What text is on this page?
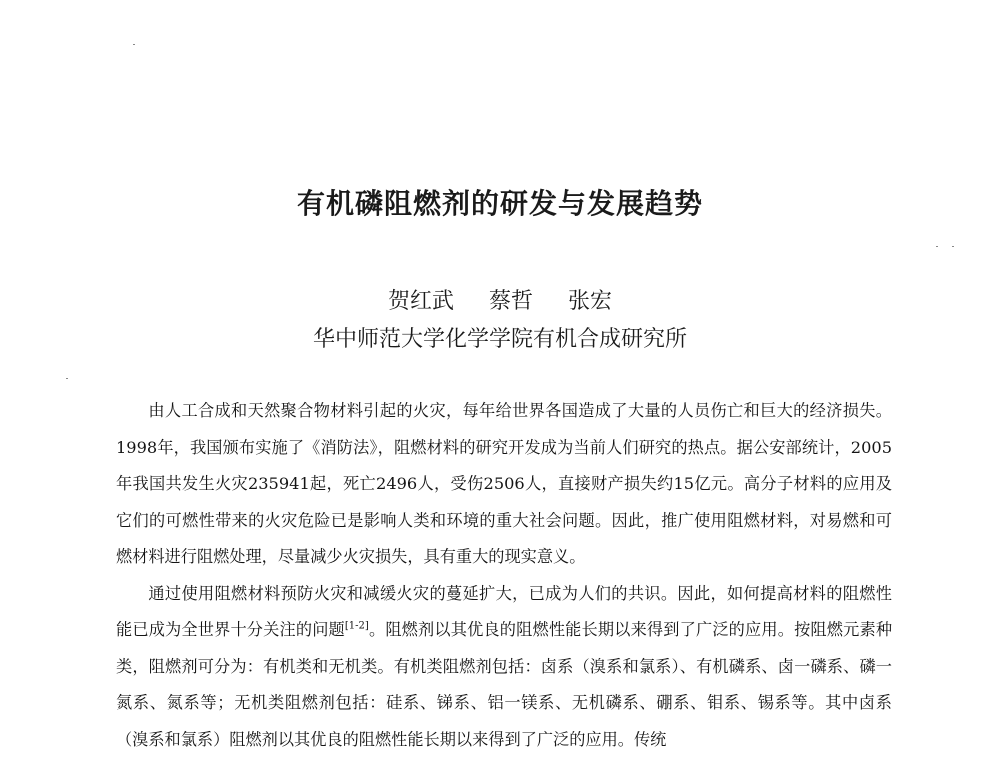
有机磷阻燃剂的研发与发展趋势
贺红武 蔡哲 张宏
华中师范大学化学学院有机合成研究所

由人工合成和天然聚合物材料引起的火灾，每年给世界各国造成了大量的人员伤亡和巨大的经济损失。1998年，我国颁布实施了《消防法》，阻燃材料的研究开发成为当前人们研究的热点。据公安部统计，2005年我国共发生火灾235941起，死亡2496人，受伤2506人，直接财产损失约15亿元。高分子材料的应用及它们的可燃性带来的火灾危险已是影响人类和环境的重大社会问题。因此，推广使用阻燃材料，对易燃和可燃材料进行阻燃处理，尽量减少火灾损失，具有重大的现实意义。

通过使用阻燃材料预防火灾和减缓火灾的蔓延扩大，已成为人们的共识。因此，如何提高材料的阻燃性能已成为全世界十分关注的问题[1-2]。阻燃剂以其优良的阻燃性能长期以来得到了广泛的应用。按阻燃元素种类，阻燃剂可分为：有机类和无机类。有机类阻燃剂包括：卤系（溴系和氯系）、有机磷系、卤一磷系、磷一氮系、氮系等；无机类阻燃剂包括：硅系、锑系、铝一镁系、无机磷系、硼系、钼系、锡系等。其中卤系（溴系和氯系）阻燃剂以其优良的阻燃性能长期以来得到了广泛的应用。传统
